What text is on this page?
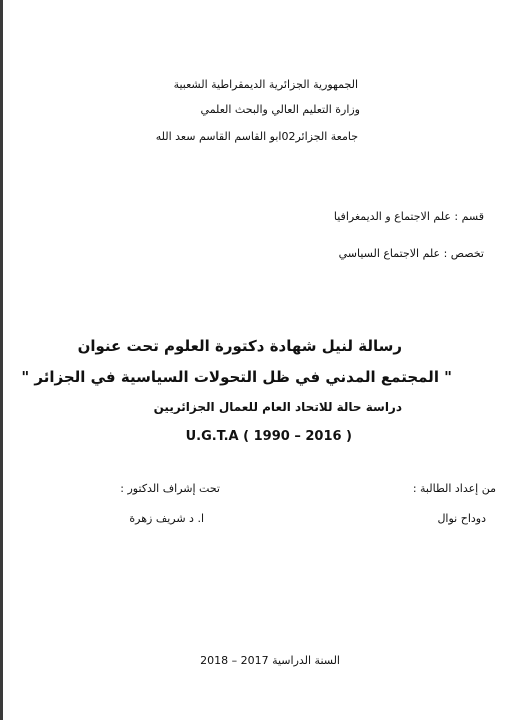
الجمهورية الجزائرية الديمقراطية الشعبية
وزارة التعليم العالي والبحث العلمي
جامعة الجزائر02ابو القاسم القاسم سعد الله
قسم : علم الاجتماع و الديمغرافيا
تخصص : علم الاجتماع السياسي
رسالة لنيل شهادة دكتورة العلوم تحت عنوان
" المجتمع المدني في ظل التحولات السياسية في الجزائر "
دراسة حالة للاتحاد العام للعمال الجزائريين
U.G.T.A ( 1990 – 2016 )
من إعداد الطالبة :
تحت إشراف الدكتور :
دوداح نوال
ا. د شريف زهرة
السنة الدراسية 2017 – 2018
